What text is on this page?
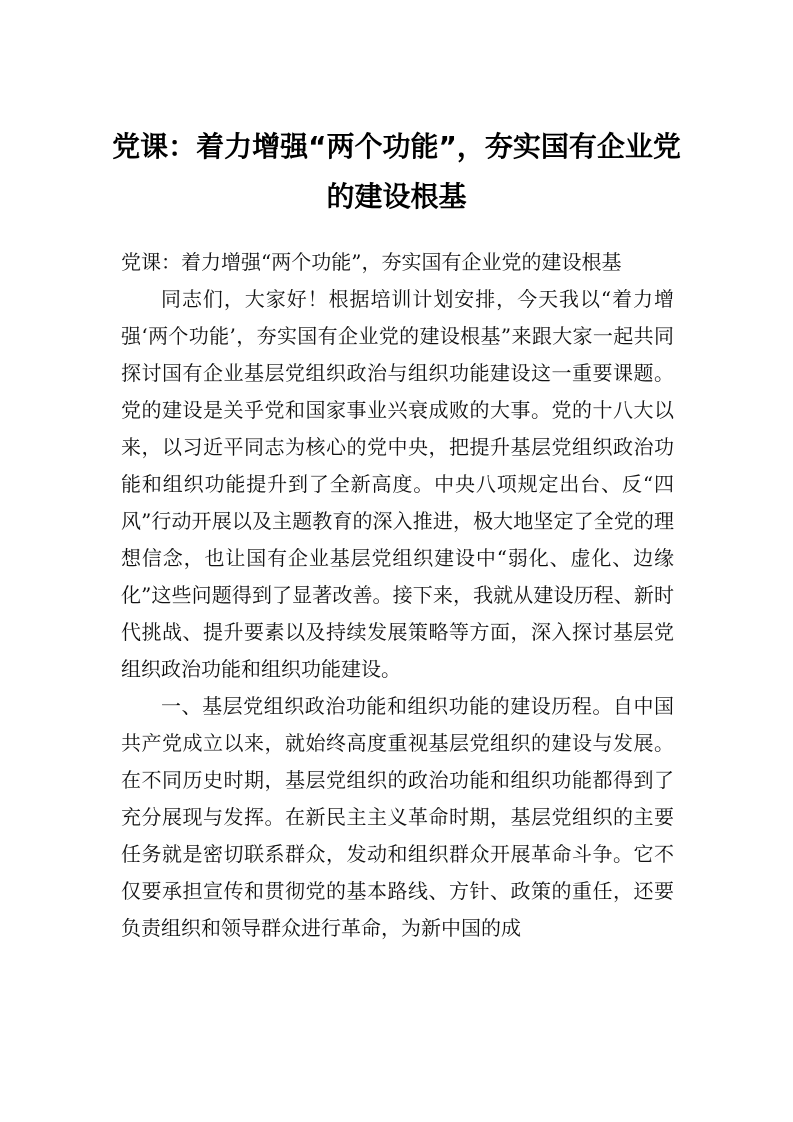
党课：着力增强“两个功能”，夯实国有企业党的建设根基

党课：着力增强“两个功能”，夯实国有企业党的建设根基

同志们，大家好！根据培训计划安排，今天我以“着力增强‘两个功能’，夯实国有企业党的建设根基”来跟大家一起共同探讨国有企业基层党组织政治与组织功能建设这一重要课题。党的建设是关乎党和国家事业兴衰成败的大事。党的十八大以来，以习近平同志为核心的党中央，把提升基层党组织政治功能和组织功能提升到了全新高度。中央八项规定出台、反“四风”行动开展以及主题教育的深入推进，极大地坚定了全党的理想信念，也让国有企业基层党组织建设中“弱化、虚化、边缘化”这些问题得到了显著改善。接下来，我就从建设历程、新时代挑战、提升要素以及持续发展策略等方面，深入探讨基层党组织政治功能和组织功能建设。

一、基层党组织政治功能和组织功能的建设历程。自中国共产党成立以来，就始终高度重视基层党组织的建设与发展。在不同历史时期，基层党组织的政治功能和组织功能都得到了充分展现与发挥。在新民主主义革命时期，基层党组织的主要任务就是密切联系群众，发动和组织群众开展革命斗争。它不仅要承担宣传和贯彻党的基本路线、方针、政策的重任，还要负责组织和领导群众进行革命，为新中国的成
